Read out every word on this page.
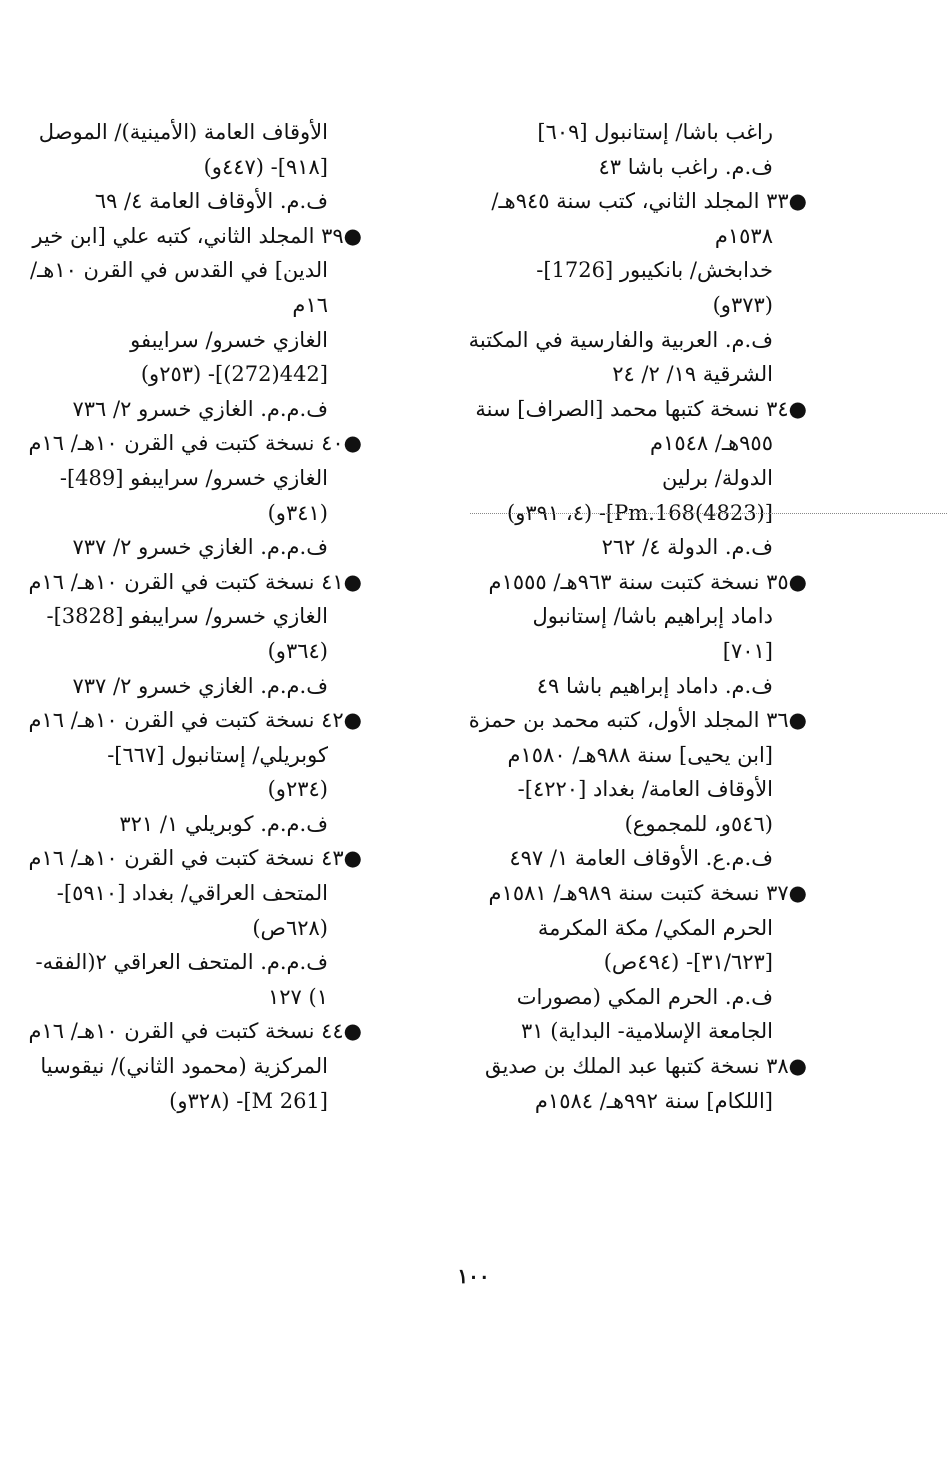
راغب باشا/ إستانبول [٦٠٩]
ف.م. راغب باشا ٤٣
●٣٣ المجلد الثاني، كتب سنة ٩٤٥هـ/
١٥٣٨م
خدابخش/ بانكيبور [1726]-
(٣٧٣و)
ف.م. العربية والفارسية في المكتبة
الشرقية ١٩/ ٢/ ٢٤
●٣٤ نسخة كتبها محمد [الصراف] سنة
٩٥٥هـ/ ١٥٤٨م
الدولة/ برلين
[(4823)Pm.168]- (٤، ٣٩١و)
ف.م. الدولة ٤/ ٢٦٢
●٣٥ نسخة كتبت سنة ٩٦٣هـ/ ١٥٥٥م
داماد إبراهيم باشا/ إستانبول
[٧٠١]
ف.م. داماد إبراهيم باشا ٤٩
●٣٦ المجلد الأول، كتبه محمد بن حمزة
[ابن يحيى] سنة ٩٨٨هـ/ ١٥٨٠م
الأوقاف العامة/ بغداد [٤٢٢٠]-
(٥٤٦و، للمجموع)
ف.م.ع. الأوقاف العامة ١/ ٤٩٧
●٣٧ نسخة كتبت سنة ٩٨٩هـ/ ١٥٨١م
الحرم المكي/ مكة المكرمة
[٣١/٦٢٣]- (٤٩٤ص)
ف.م. الحرم المكي (مصورات
الجامعة الإسلامية- البداية) ٣١
●٣٨ نسخة كتبها عبد الملك بن صديق
[اللكام] سنة ٩٩٢هـ/ ١٥٨٤م
الأوقاف العامة (الأمينية)/ الموصل
[٩١٨]- (٤٤٧و)
ف.م. الأوقاف العامة ٤/ ٦٩
●٣٩ المجلد الثاني، كتبه علي [ابن خير
الدين] في القدس في القرن ١٠هـ/
١٦م
الغازي خسرو/ سرايبفو
[442(272)]- (٢٥٣و)
ف.م.م. الغازي خسرو ٢/ ٧٣٦
●٤٠ نسخة كتبت في القرن ١٠هـ/ ١٦م
الغازي خسرو/ سرايبفو [489]-
(٣٤١و)
ف.م.م. الغازي خسرو ٢/ ٧٣٧
●٤١ نسخة كتبت في القرن ١٠هـ/ ١٦م
الغازي خسرو/ سرايبفو [3828]-
(٣٦٤و)
ف.م.م. الغازي خسرو ٢/ ٧٣٧
●٤٢ نسخة كتبت في القرن ١٠هـ/ ١٦م
كوبريلي/ إستانبول [٦٦٧]-
(٢٣٤و)
ف.م.م. كوبريلي ١/ ٣٢١
●٤٣ نسخة كتبت في القرن ١٠هـ/ ١٦م
المتحف العراقي/ بغداد [٥٩١٠]-
(٦٢٨ص)
ف.م.م. المتحف العراقي ٢(الفقه-
١) ١٢٧
●٤٤ نسخة كتبت في القرن ١٠هـ/ ١٦م
المركزية (محمود الثاني)/ نيقوسيا
[M 261]- (٣٢٨و)
١٠٠
